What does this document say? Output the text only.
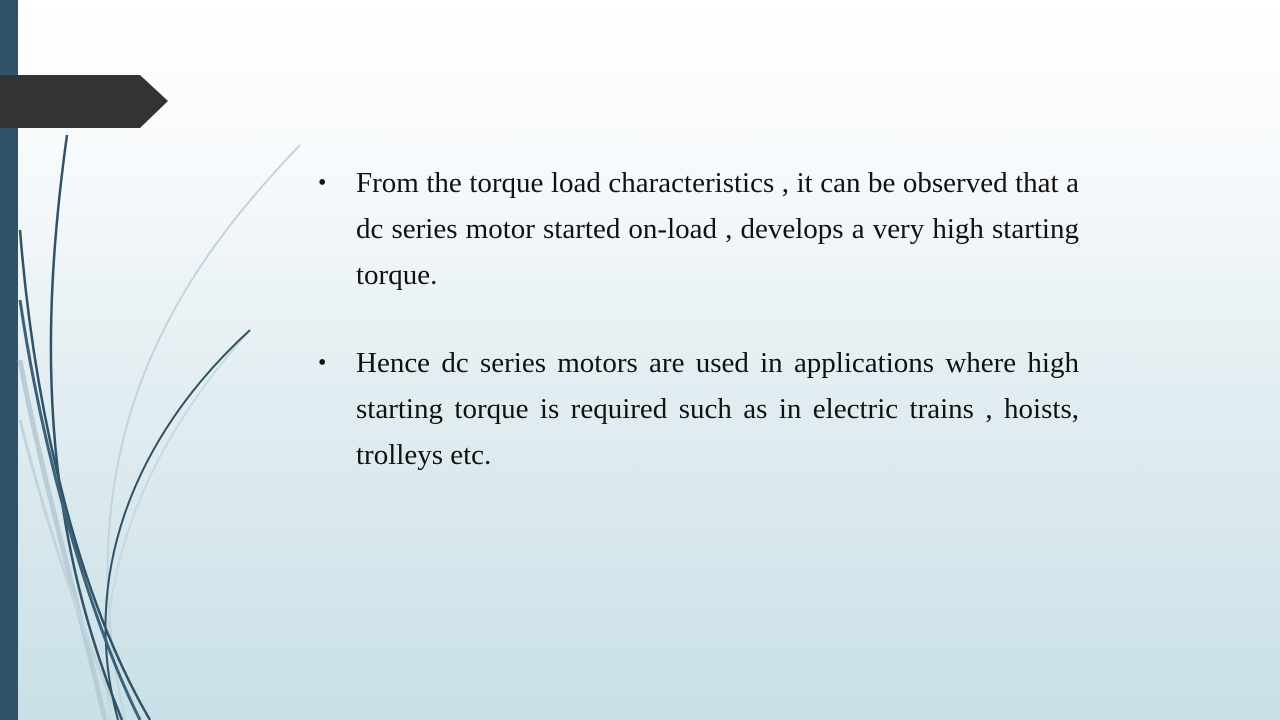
• From the torque load characteristics , it can be observed that a dc series motor started on-load , develops a very high starting torque.
• Hence dc series motors are used in applications where high starting torque is required such as in electric trains , hoists, trolleys etc.
